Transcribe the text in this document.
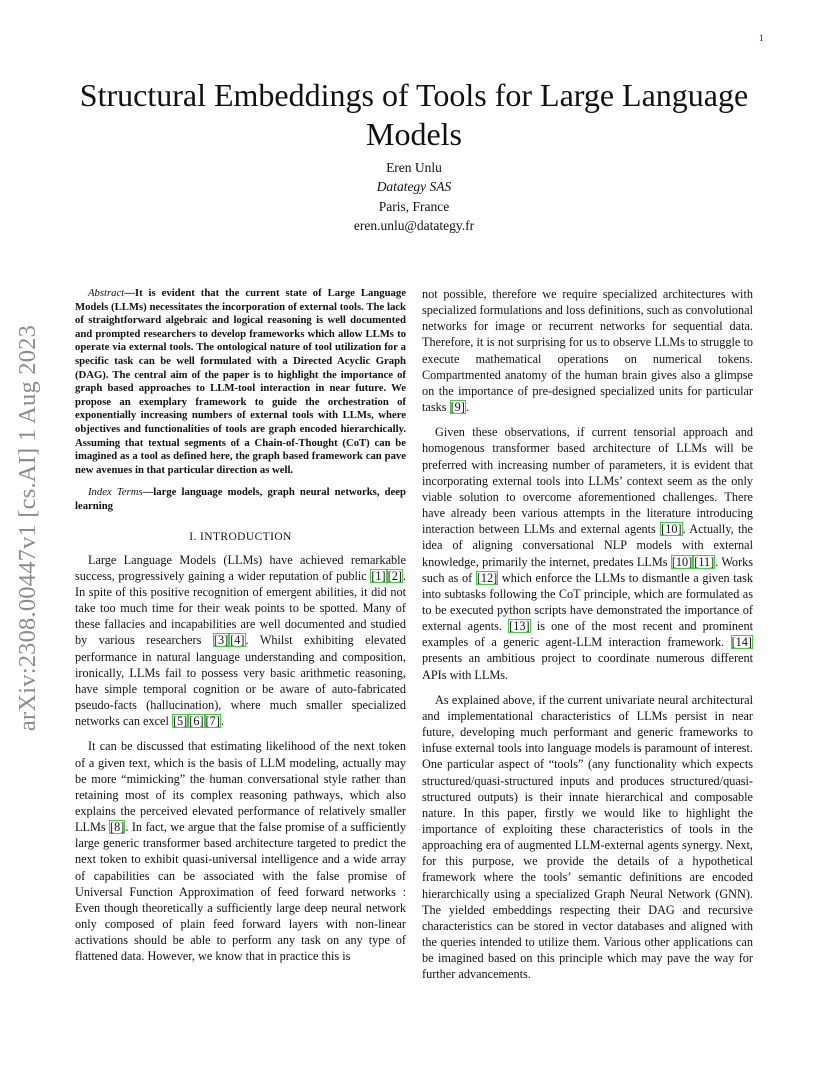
1
arXiv:2308.00447v1 [cs.AI] 1 Aug 2023
Structural Embeddings of Tools for Large Language Models
Eren Unlu
Datategy SAS
Paris, France
eren.unlu@datategy.fr

Abstract—It is evident that the current state of Large Language Models (LLMs) necessitates the incorporation of external tools. The lack of straightforward algebraic and logical reasoning is well documented and prompted researchers to develop frameworks which allow LLMs to operate via external tools. The ontological nature of tool utilization for a specific task can be well formulated with a Directed Acyclic Graph (DAG). The central aim of the paper is to highlight the importance of graph based approaches to LLM-tool interaction in near future. We propose an exemplary framework to guide the orchestration of exponentially increasing numbers of external tools with LLMs, where objectives and functionalities of tools are graph encoded hierarchically. Assuming that textual segments of a Chain-of-Thought (CoT) can be imagined as a tool as defined here, the graph based framework can pave new avenues in that particular direction as well.

Index Terms—large language models, graph neural networks, deep learning

I. INTRODUCTION

Large Language Models (LLMs) have achieved remarkable success, progressively gaining a wider reputation of public [1] [2]. In spite of this positive recognition of emergent abilities, it did not take too much time for their weak points to be spotted. Many of these fallacies and incapabilities are well documented and studied by various researchers [3] [4]. Whilst exhibiting elevated performance in natural language understanding and composition, ironically, LLMs fail to possess very basic arithmetic reasoning, have simple temporal cognition or be aware of auto-fabricated pseudo-facts (hallucination), where much smaller specialized networks can excel [5] [6] [7].

It can be discussed that estimating likelihood of the next token of a given text, which is the basis of LLM modeling, actually may be more “mimicking” the human conversational style rather than retaining most of its complex reasoning pathways, which also explains the perceived elevated performance of relatively smaller LLMs [8]. In fact, we argue that the false promise of a sufficiently large generic transformer based architecture targeted to predict the next token to exhibit quasi-universal intelligence and a wide array of capabilities can be associated with the false promise of Universal Function Approximation of feed forward networks : Even though theoretically a sufficiently large deep neural network only composed of plain feed forward layers with non-linear activations should be able to perform any task on any type of flattened data. However, we know that in practice this is

not possible, therefore we require specialized architectures with specialized formulations and loss definitions, such as convolutional networks for image or recurrent networks for sequential data. Therefore, it is not surprising for us to observe LLMs to struggle to execute mathematical operations on numerical tokens. Compartmented anatomy of the human brain gives also a glimpse on the importance of pre-designed specialized units for particular tasks [9].

Given these observations, if current tensorial approach and homogenous transformer based architecture of LLMs will be preferred with increasing number of parameters, it is evident that incorporating external tools into LLMs’ context seem as the only viable solution to overcome aforementioned challenges. There have already been various attempts in the literature introducing interaction between LLMs and external agents [10]. Actually, the idea of aligning conversational NLP models with external knowledge, primarily the internet, predates LLMs [10] [11]. Works such as of [12] which enforce the LLMs to dismantle a given task into subtasks following the CoT principle, which are formulated as to be executed python scripts have demonstrated the importance of external agents. [13] is one of the most recent and prominent examples of a generic agent-LLM interaction framework. [14] presents an ambitious project to coordinate numerous different APIs with LLMs.

As explained above, if the current univariate neural architectural and implementational characteristics of LLMs persist in near future, developing much performant and generic frameworks to infuse external tools into language models is paramount of interest. One particular aspect of “tools” (any functionality which expects structured/quasi-structured inputs and produces structured/quasi-structured outputs) is their innate hierarchical and composable nature. In this paper, firstly we would like to highlight the importance of exploiting these characteristics of tools in the approaching era of augmented LLM-external agents synergy. Next, for this purpose, we provide the details of a hypothetical framework where the tools’ semantic definitions are encoded hierarchically using a specialized Graph Neural Network (GNN). The yielded embeddings respecting their DAG and recursive characteristics can be stored in vector databases and aligned with the queries intended to utilize them. Various other applications can be imagined based on this principle which may pave the way for further advancements.
